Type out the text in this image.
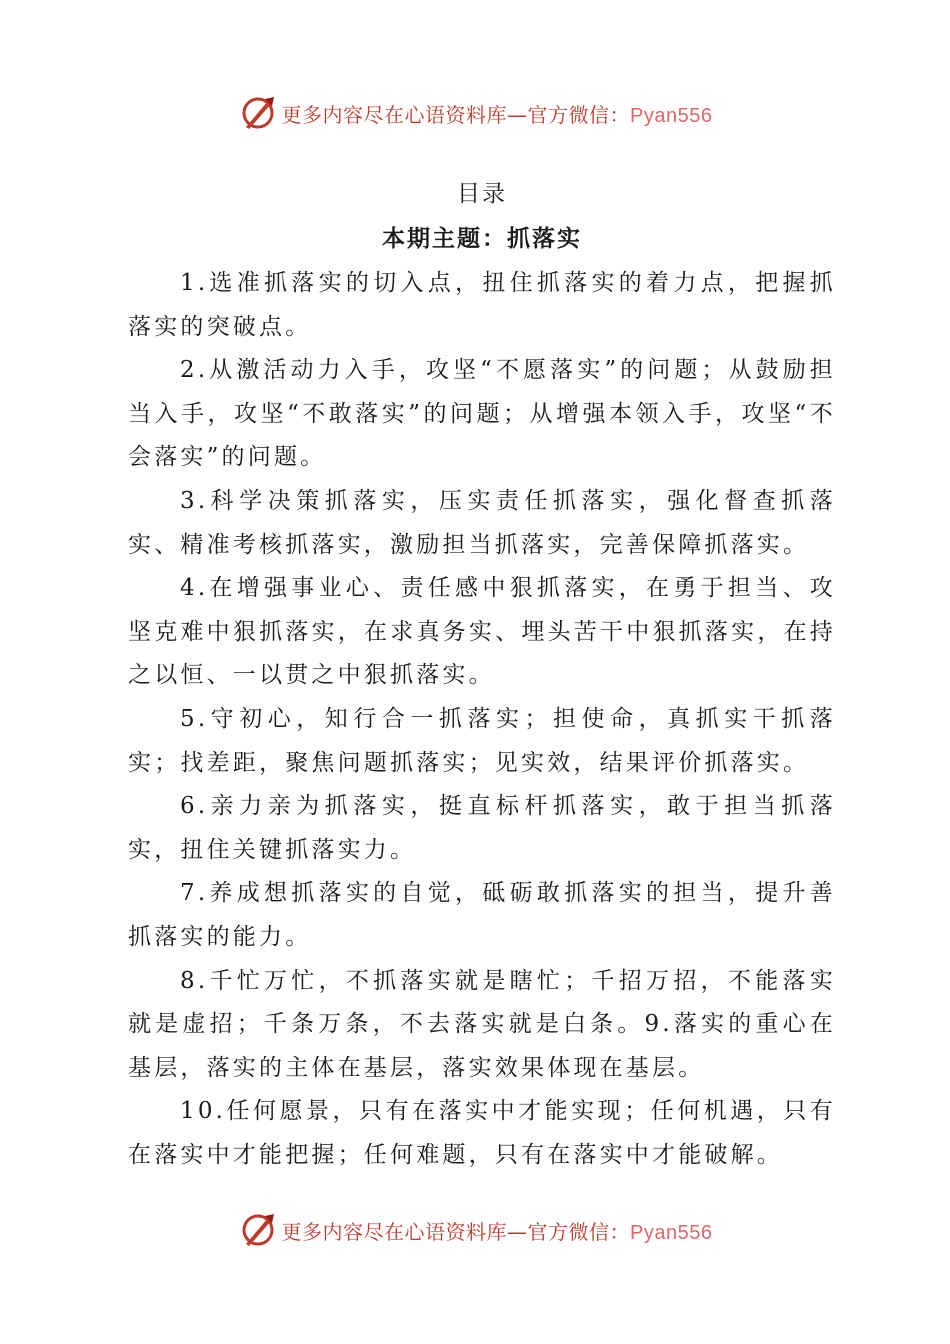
更多内容尽在心语资料库—官方微信：Pyan556

目录

本期主题：抓落实

1.选准抓落实的切入点，扭住抓落实的着力点，把握抓落实的突破点。

2.从激活动力入手，攻坚“不愿落实”的问题；从鼓励担当入手，攻坚“不敢落实”的问题；从增强本领入手，攻坚“不会落实”的问题。

3.科学决策抓落实，压实责任抓落实，强化督查抓落实、精准考核抓落实，激励担当抓落实，完善保障抓落实。

4.在增强事业心、责任感中狠抓落实，在勇于担当、攻坚克难中狠抓落实，在求真务实、埋头苦干中狠抓落实，在持之以恒、一以贯之中狠抓落实。

5.守初心，知行合一抓落实；担使命，真抓实干抓落实；找差距，聚焦问题抓落实；见实效，结果评价抓落实。

6.亲力亲为抓落实，挺直标杆抓落实，敢于担当抓落实，扭住关键抓落实力。

7.养成想抓落实的自觉，砥砺敢抓落实的担当，提升善抓落实的能力。

8.千忙万忙，不抓落实就是瞎忙；千招万招，不能落实就是虚招；千条万条，不去落实就是白条。9.落实的重心在基层，落实的主体在基层，落实效果体现在基层。

10.任何愿景，只有在落实中才能实现；任何机遇，只有在落实中才能把握；任何难题，只有在落实中才能破解。

更多内容尽在心语资料库—官方微信：Pyan556
